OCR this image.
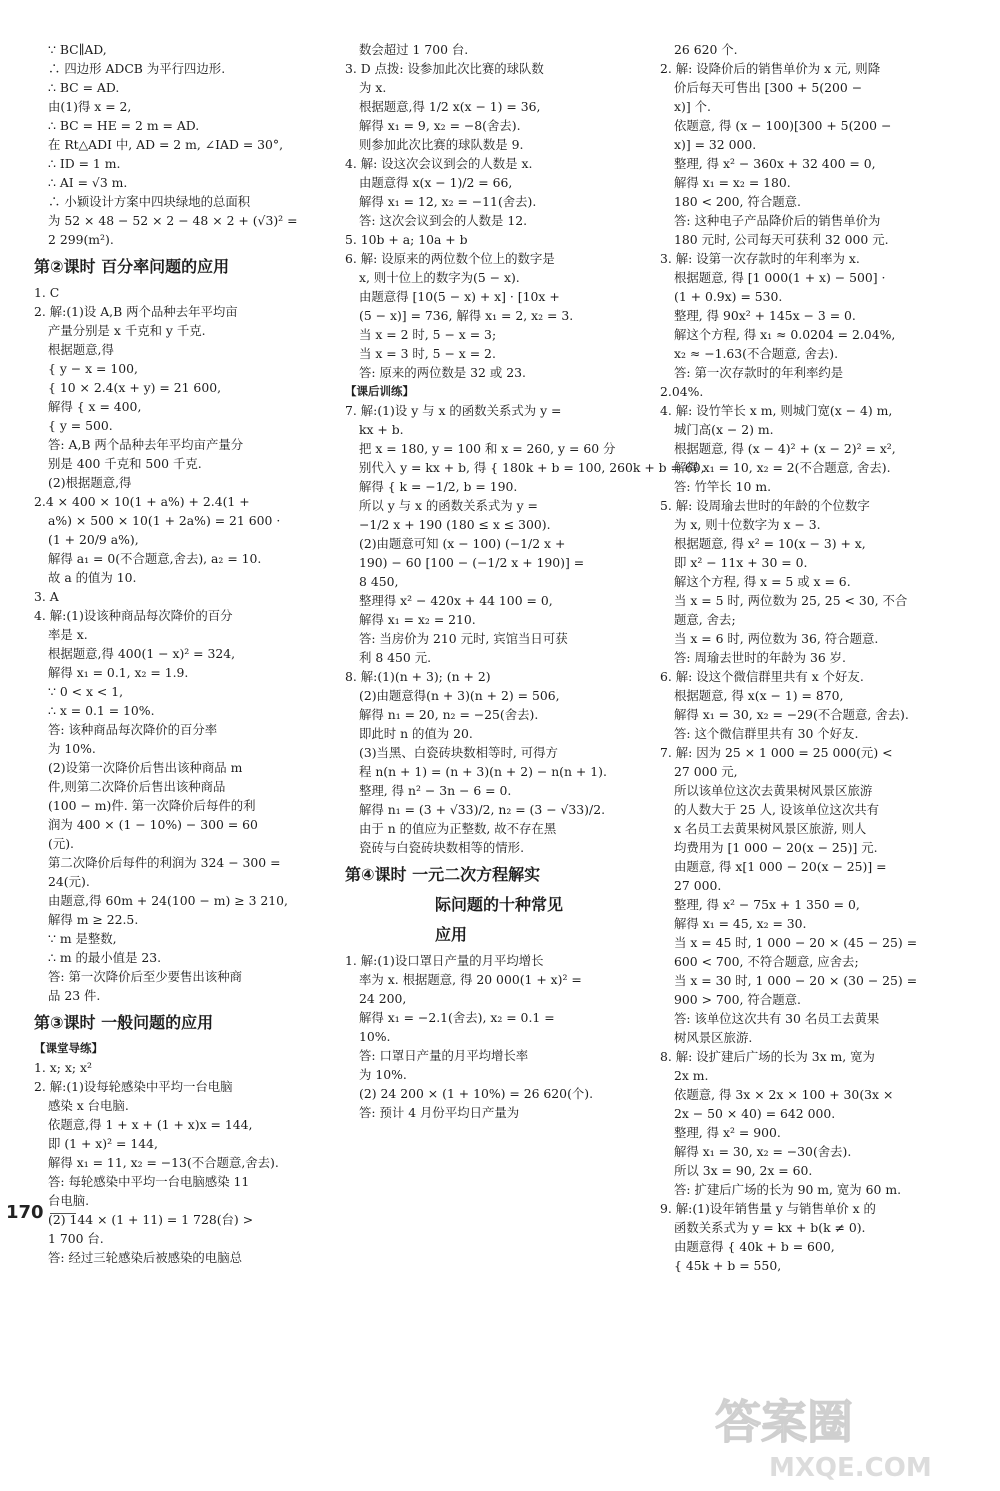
∵ BC∥AD,
∴ 四边形 ADCB 为平行四边形.
∴ BC = AD.
由(1)得 x = 2,
∴ BC = HE = 2 m = AD.
在 Rt△ADI 中, AD = 2 m, ∠IAD = 30°,
∴ ID = 1 m.
∴ AI = √3 m.
∴ 小颖设计方案中四块绿地的总面积
为 52 × 48 − 52 × 2 − 48 × 2 + (√3)² =
2 299(m²).
第②课时 百分率问题的应用
1. C
2. 解:(1)设 A,B 两个品种去年平均亩
产量分别是 x 千克和 y 千克.
根据题意,得
{ y − x = 100,
{ 10 × 2.4(x + y) = 21 600,
解得 { x = 400,
{ y = 500.
答: A,B 两个品种去年平均亩产量分
别是 400 千克和 500 千克.
(2)根据题意,得
2.4 × 400 × 10(1 + a%) + 2.4(1 +
a%) × 500 × 10(1 + 2a%) = 21 600 ·
(1 + 20/9 a%),
解得 a₁ = 0(不合题意,舍去), a₂ = 10.
故 a 的值为 10.
3. A
4. 解:(1)设该种商品每次降价的百分
率是 x.
根据题意,得 400(1 − x)² = 324,
解得 x₁ = 0.1, x₂ = 1.9.
∵ 0 < x < 1,
∴ x = 0.1 = 10%.
答: 该种商品每次降价的百分率
为 10%.
(2)设第一次降价后售出该种商品 m
件,则第二次降价后售出该种商品
(100 − m)件. 第一次降价后每件的利
润为 400 × (1 − 10%) − 300 = 60
(元).
第二次降价后每件的利润为 324 − 300 =
24(元).
由题意,得 60m + 24(100 − m) ≥ 3 210,
解得 m ≥ 22.5.
∵ m 是整数,
∴ m 的最小值是 23.
答: 第一次降价后至少要售出该种商
品 23 件.
第③课时 一般问题的应用
【课堂导练】
1. x; x; x²
2. 解:(1)设每轮感染中平均一台电脑
感染 x 台电脑.
依题意,得 1 + x + (1 + x)x = 144,
即 (1 + x)² = 144,
解得 x₁ = 11, x₂ = −13(不合题意,舍去).
答: 每轮感染中平均一台电脑感染 11
台电脑.
(2) 144 × (1 + 11) = 1 728(台) >
1 700 台.
答: 经过三轮感染后被感染的电脑总
数会超过 1 700 台.
3. D 点拨: 设参加此次比赛的球队数
为 x.
根据题意,得 1/2 x(x − 1) = 36,
解得 x₁ = 9, x₂ = −8(舍去).
则参加此次比赛的球队数是 9.
4. 解: 设这次会议到会的人数是 x.
由题意得 x(x − 1)/2 = 66,
解得 x₁ = 12, x₂ = −11(舍去).
答: 这次会议到会的人数是 12.
5. 10b + a; 10a + b
6. 解: 设原来的两位数个位上的数字是
x, 则十位上的数字为(5 − x).
由题意得 [10(5 − x) + x] · [10x +
(5 − x)] = 736, 解得 x₁ = 2, x₂ = 3.
当 x = 2 时, 5 − x = 3;
当 x = 3 时, 5 − x = 2.
答: 原来的两位数是 32 或 23.
【课后训练】
7. 解:(1)设 y 与 x 的函数关系式为 y =
kx + b.
把 x = 180, y = 100 和 x = 260, y = 60 分
别代入 y = kx + b, 得 { 180k + b = 100, 260k + b = 60,
解得 { k = −1/2, b = 190.
所以 y 与 x 的函数关系式为 y =
−1/2 x + 190 (180 ≤ x ≤ 300).
(2)由题意可知 (x − 100) (−1/2 x +
190) − 60 [100 − (−1/2 x + 190)] =
8 450,
整理得 x² − 420x + 44 100 = 0,
解得 x₁ = x₂ = 210.
答: 当房价为 210 元时, 宾馆当日可获
利 8 450 元.
8. 解:(1)(n + 3); (n + 2)
(2)由题意得(n + 3)(n + 2) = 506,
解得 n₁ = 20, n₂ = −25(舍去).
即此时 n 的值为 20.
(3)当黑、白瓷砖块数相等时, 可得方
程 n(n + 1) = (n + 3)(n + 2) − n(n + 1).
整理, 得 n² − 3n − 6 = 0.
解得 n₁ = (3 + √33)/2, n₂ = (3 − √33)/2.
由于 n 的值应为正整数, 故不存在黑
瓷砖与白瓷砖块数相等的情形.
第④课时 一元二次方程解实
际问题的十种常见
应用
1. 解:(1)设口罩日产量的月平均增长
率为 x. 根据题意, 得 20 000(1 + x)² =
24 200,
解得 x₁ = −2.1(舍去), x₂ = 0.1 =
10%.
答: 口罩日产量的月平均增长率
为 10%.
(2) 24 200 × (1 + 10%) = 26 620(个).
答: 预计 4 月份平均日产量为
26 620 个.
2. 解: 设降价后的销售单价为 x 元, 则降
价后每天可售出 [300 + 5(200 −
x)] 个.
依题意, 得 (x − 100)[300 + 5(200 −
x)] = 32 000.
整理, 得 x² − 360x + 32 400 = 0,
解得 x₁ = x₂ = 180.
180 < 200, 符合题意.
答: 这种电子产品降价后的销售单价为
180 元时, 公司每天可获利 32 000 元.
3. 解: 设第一次存款时的年利率为 x.
根据题意, 得 [1 000(1 + x) − 500] ·
(1 + 0.9x) = 530.
整理, 得 90x² + 145x − 3 = 0.
解这个方程, 得 x₁ ≈ 0.0204 = 2.04%,
x₂ ≈ −1.63(不合题意, 舍去).
答: 第一次存款时的年利率约是
2.04%.
4. 解: 设竹竿长 x m, 则城门宽(x − 4) m,
城门高(x − 2) m.
根据题意, 得 (x − 4)² + (x − 2)² = x²,
解得 x₁ = 10, x₂ = 2(不合题意, 舍去).
答: 竹竿长 10 m.
5. 解: 设周瑜去世时的年龄的个位数字
为 x, 则十位数字为 x − 3.
根据题意, 得 x² = 10(x − 3) + x,
即 x² − 11x + 30 = 0.
解这个方程, 得 x = 5 或 x = 6.
当 x = 5 时, 两位数为 25, 25 < 30, 不合
题意, 舍去;
当 x = 6 时, 两位数为 36, 符合题意.
答: 周瑜去世时的年龄为 36 岁.
6. 解: 设这个微信群里共有 x 个好友.
根据题意, 得 x(x − 1) = 870,
解得 x₁ = 30, x₂ = −29(不合题意, 舍去).
答: 这个微信群里共有 30 个好友.
7. 解: 因为 25 × 1 000 = 25 000(元) <
27 000 元,
所以该单位这次去黄果树风景区旅游
的人数大于 25 人, 设该单位这次共有
x 名员工去黄果树风景区旅游, 则人
均费用为 [1 000 − 20(x − 25)] 元.
由题意, 得 x[1 000 − 20(x − 25)] =
27 000.
整理, 得 x² − 75x + 1 350 = 0,
解得 x₁ = 45, x₂ = 30.
当 x = 45 时, 1 000 − 20 × (45 − 25) =
600 < 700, 不符合题意, 应舍去;
当 x = 30 时, 1 000 − 20 × (30 − 25) =
900 > 700, 符合题意.
答: 该单位这次共有 30 名员工去黄果
树风景区旅游.
8. 解: 设扩建后广场的长为 3x m, 宽为
2x m.
依题意, 得 3x × 2x × 100 + 30(3x ×
2x − 50 × 40) = 642 000.
整理, 得 x² = 900.
解得 x₁ = 30, x₂ = −30(舍去).
所以 3x = 90, 2x = 60.
答: 扩建后广场的长为 90 m, 宽为 60 m.
9. 解:(1)设年销售量 y 与销售单价 x 的
函数关系式为 y = kx + b(k ≠ 0).
由题意得 { 40k + b = 600,
{ 45k + b = 550,
170
答案圈
MXQE.COM
